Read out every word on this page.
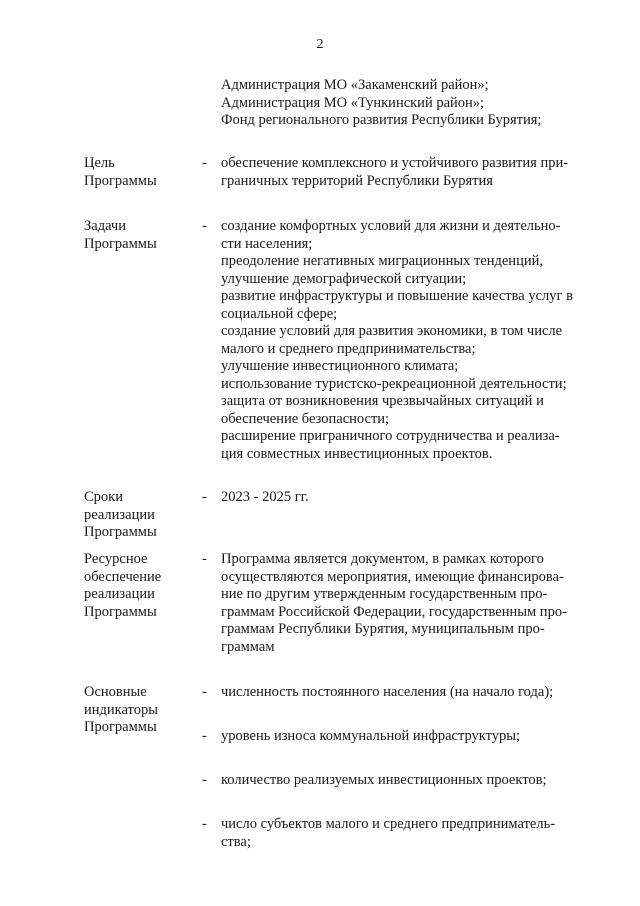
2
Администрация МО «Закаменский район»;
Администрация МО «Тункинский район»;
Фонд регионального развития Республики Бурятия;
Цель
Программы
- обеспечение комплексного и устойчивого развития при-
граничных территорий Республики Бурятия
Задачи
Программы
- создание комфортных условий для жизни и деятельно-
сти населения;
преодоление негативных миграционных тенденций,
улучшение демографической ситуации;
развитие инфраструктуры и повышение качества услуг в
социальной сфере;
создание условий для развития экономики, в том числе
малого и среднего предпринимательства;
улучшение инвестиционного климата;
использование туристско-рекреационной деятельности;
защита от возникновения чрезвычайных ситуаций и
обеспечение безопасности;
расширение приграничного сотрудничества и реализа-
ция совместных инвестиционных проектов.
Сроки
реализации
Программы
- 2023 - 2025 гг.
Ресурсное
обеспечение
реализации
Программы
- Программа является документом, в рамках которого
осуществляются мероприятия, имеющие финансирова-
ние по другим утвержденным государственным про-
граммам Российской Федерации, государственным про-
граммам Республики Бурятия, муниципальным про-
граммам
Основные
индикаторы
Программы
- численность постоянного населения (на начало года);
- уровень износа коммунальной инфраструктуры;
- количество реализуемых инвестиционных проектов;
- число субъектов малого и среднего предприниматель-
ства;
